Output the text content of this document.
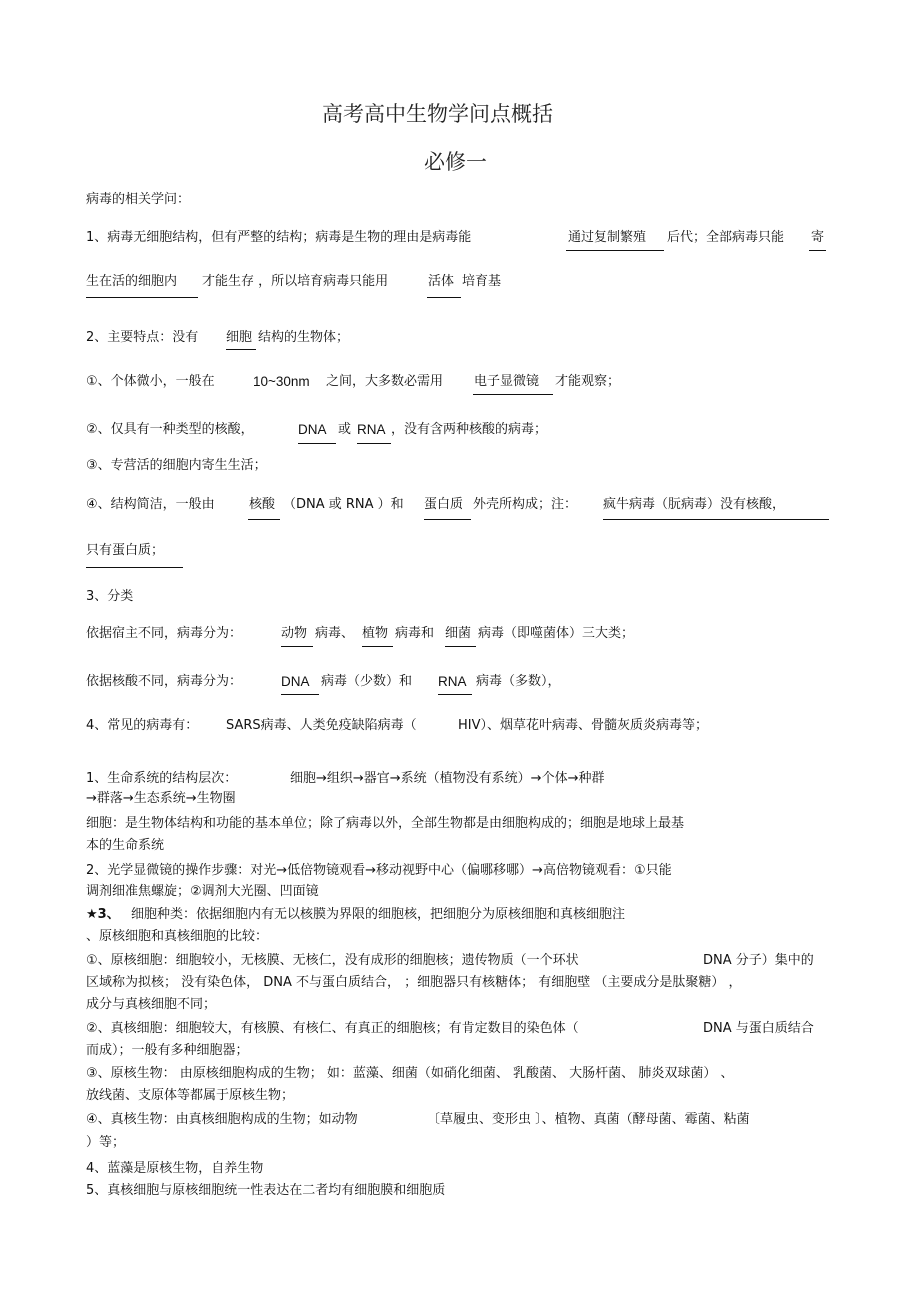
高考高中生物学问点概括
必修一
病毒的相关学问：
1、病毒无细胞结构，但有严整的结构；病毒是生物的理由是病毒能	通过复制繁殖 后代；全部病毒只能 寄
生在活的细胞内 才能生存 ，所以培育病毒只能用	活体 培育基
2、主要特点：没有 细胞 结构的生物体；
①、个体微小，一般在	10~30nm 之间，大多数必需用 电子显微镜 才能观察；
②、仅具有一种类型的核酸，	DNA 或 RNA ，没有含两种核酸的病毒；
③、专营活的细胞内寄生生活；
④、结构简洁，一般由	核酸 （DNA 或 RNA ）和 蛋白质 外壳所构成；注： 疯牛病毒（朊病毒）没有核酸，
只有蛋白质；
3、分类
依据宿主不同，病毒分为：	动物 病毒、 植物 病毒和 细菌 病毒（即噬菌体）三大类；
依据核酸不同，病毒分为：	DNA 病毒（少数）和 RNA 病毒（多数），
4、常见的病毒有： SARS病毒、人类免疫缺陷病毒（	HIV）、烟草花叶病毒、骨髓灰质炎病毒等；
1、生命系统的结构层次：	细胞→组织→器官→系统（植物没有系统）→个体→种群
→群落→生态系统→生物圈
细胞：是生物体结构和功能的基本单位；除了病毒以外，全部生物都是由细胞构成的；细胞是地球上最基
本的生命系统
2、光学显微镜的操作步骤：对光→低倍物镜观看→移动视野中心（偏哪移哪）→高倍物镜观看：①只能
调剂细准焦螺旋；②调剂大光圈、凹面镜
★3、 细胞种类：依据细胞内有无以核膜为界限的细胞核，把细胞分为原核细胞和真核细胞注
、原核细胞和真核细胞的比较：
①、原核细胞：细胞较小，无核膜、无核仁，没有成形的细胞核；遗传物质（一个环状	DNA 分子）集中的
区域称为拟核； 没有染色体， DNA 不与蛋白质结合， ；细胞器只有核糖体； 有细胞壁 （主要成分是肽聚糖） ，
成分与真核细胞不同；
②、真核细胞：细胞较大，有核膜、有核仁、有真正的细胞核；有肯定数目的染色体（	DNA 与蛋白质结合
而成）；一般有多种细胞器；
③、原核生物： 由原核细胞构成的生物； 如：蓝藻、细菌（如硝化细菌、 乳酸菌、 大肠杆菌、 肺炎双球菌） 、
放线菌、支原体等都属于原核生物；
④、真核生物：由真核细胞构成的生物；如动物	〔草履虫、变形虫 〕、植物、真菌（酵母菌、霉菌、粘菌
）等；
4、蓝藻是原核生物，自养生物
5、真核细胞与原核细胞统一性表达在二者均有细胞膜和细胞质
